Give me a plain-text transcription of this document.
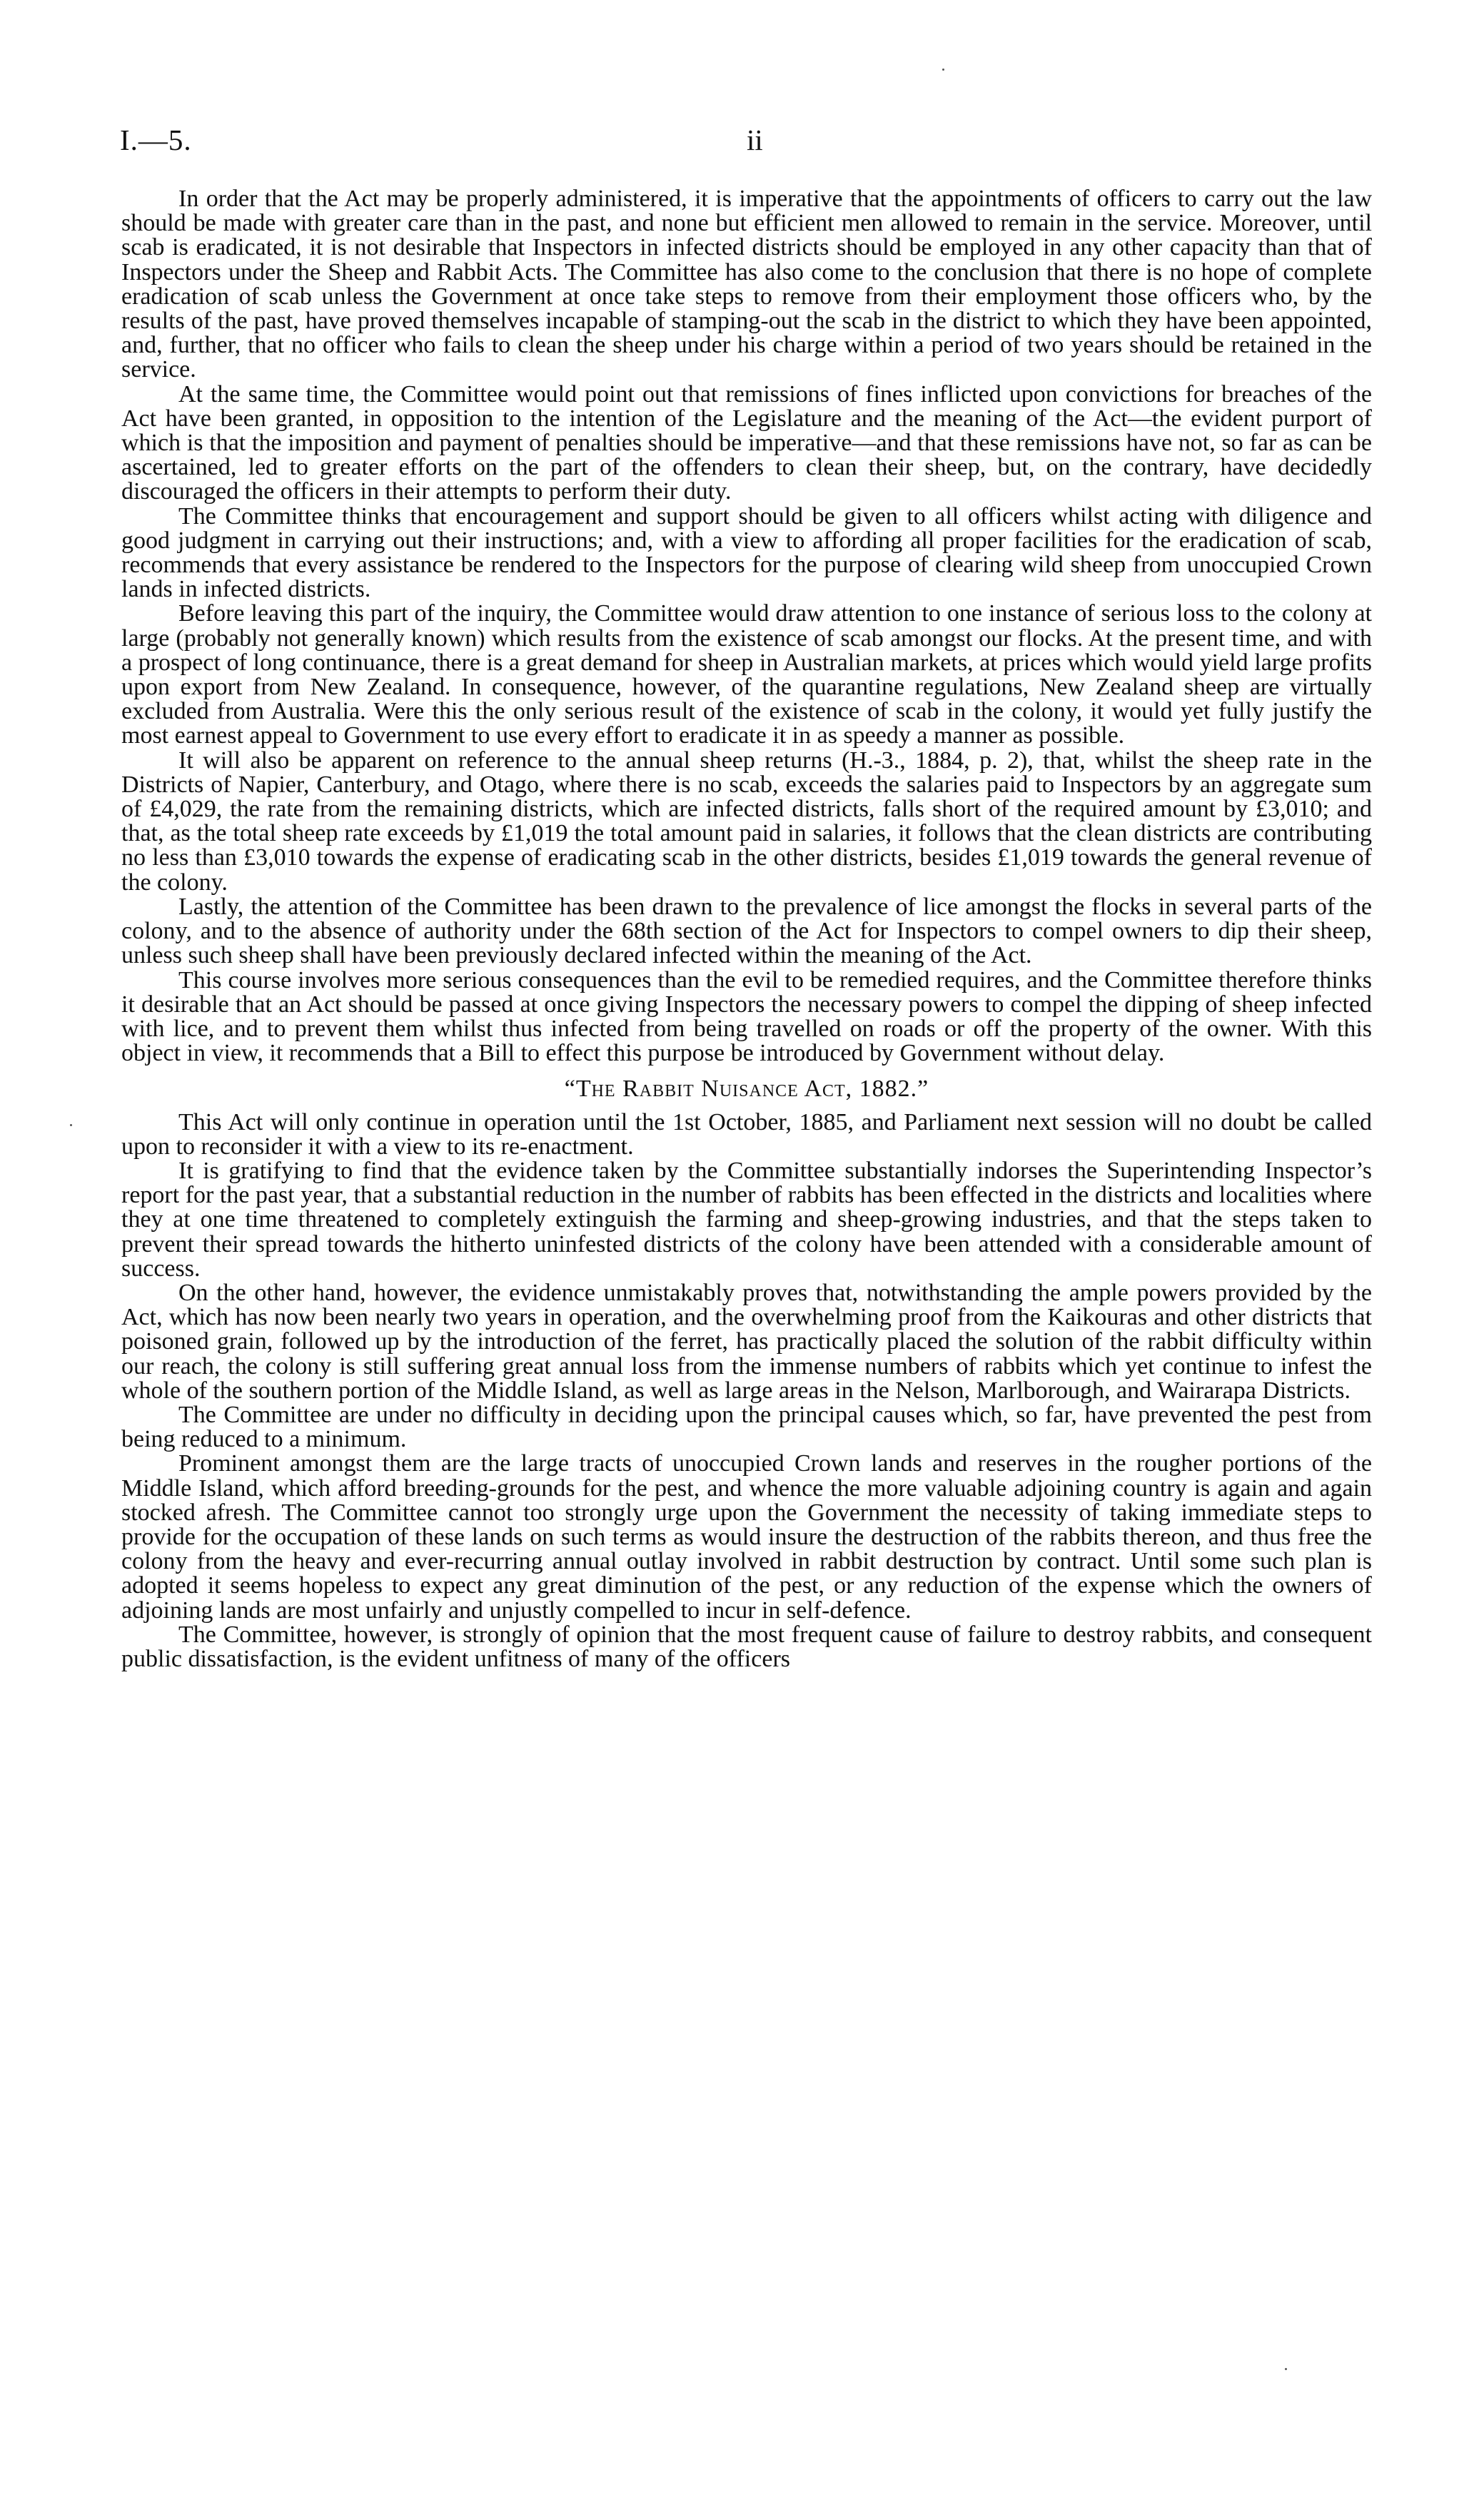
I.—5.	ii

In order that the Act may be properly administered, it is imperative that the appointments of officers to carry out the law should be made with greater care than in the past, and none but efficient men allowed to remain in the service. Moreover, until scab is eradicated, it is not desirable that Inspectors in infected districts should be employed in any other capacity than that of Inspectors under the Sheep and Rabbit Acts. The Committee has also come to the conclusion that there is no hope of complete eradication of scab unless the Government at once take steps to remove from their employment those officers who, by the results of the past, have proved themselves incapable of stamping-out the scab in the district to which they have been appointed, and, further, that no officer who fails to clean the sheep under his charge within a period of two years should be retained in the service.

At the same time, the Committee would point out that remissions of fines inflicted upon convictions for breaches of the Act have been granted, in opposition to the intention of the Legislature and the meaning of the Act—the evident purport of which is that the imposition and payment of penalties should be imperative—and that these remissions have not, so far as can be ascertained, led to greater efforts on the part of the offenders to clean their sheep, but, on the contrary, have decidedly discouraged the officers in their attempts to perform their duty.

The Committee thinks that encouragement and support should be given to all officers whilst acting with diligence and good judgment in carrying out their instructions; and, with a view to affording all proper facilities for the eradication of scab, recommends that every assistance be rendered to the Inspectors for the purpose of clearing wild sheep from unoccupied Crown lands in infected districts.

Before leaving this part of the inquiry, the Committee would draw attention to one instance of serious loss to the colony at large (probably not generally known) which results from the existence of scab amongst our flocks. At the present time, and with a prospect of long continuance, there is a great demand for sheep in Australian markets, at prices which would yield large profits upon export from New Zealand. In consequence, however, of the quarantine regulations, New Zealand sheep are virtually excluded from Australia. Were this the only serious result of the existence of scab in the colony, it would yet fully justify the most earnest appeal to Government to use every effort to eradicate it in as speedy a manner as possible.

It will also be apparent on reference to the annual sheep returns (H.-3., 1884, p. 2), that, whilst the sheep rate in the Districts of Napier, Canterbury, and Otago, where there is no scab, exceeds the salaries paid to Inspectors by an aggregate sum of £4,029, the rate from the remaining districts, which are infected districts, falls short of the required amount by £3,010; and that, as the total sheep rate exceeds by £1,019 the total amount paid in salaries, it follows that the clean districts are contributing no less than £3,010 towards the expense of eradicating scab in the other districts, besides £1,019 towards the general revenue of the colony.

Lastly, the attention of the Committee has been drawn to the prevalence of lice amongst the flocks in several parts of the colony, and to the absence of authority under the 68th section of the Act for Inspectors to compel owners to dip their sheep, unless such sheep shall have been previously declared infected within the meaning of the Act.

This course involves more serious consequences than the evil to be remedied requires, and the Committee therefore thinks it desirable that an Act should be passed at once giving Inspectors the necessary powers to compel the dipping of sheep infected with lice, and to prevent them whilst thus infected from being travelled on roads or off the property of the owner. With this object in view, it recommends that a Bill to effect this purpose be introduced by Government without delay.

“The Rabbit Nuisance Act, 1882.”

This Act will only continue in operation until the 1st October, 1885, and Parliament next session will no doubt be called upon to reconsider it with a view to its re-enactment.

It is gratifying to find that the evidence taken by the Committee substantially indorses the Superintending Inspector’s report for the past year, that a substantial reduction in the number of rabbits has been effected in the districts and localities where they at one time threatened to completely extinguish the farming and sheep-growing industries, and that the steps taken to prevent their spread towards the hitherto uninfested districts of the colony have been attended with a considerable amount of success.

On the other hand, however, the evidence unmistakably proves that, notwithstanding the ample powers provided by the Act, which has now been nearly two years in operation, and the overwhelming proof from the Kaikouras and other districts that poisoned grain, followed up by the introduction of the ferret, has practically placed the solution of the rabbit difficulty within our reach, the colony is still suffering great annual loss from the immense numbers of rabbits which yet continue to infest the whole of the southern portion of the Middle Island, as well as large areas in the Nelson, Marlborough, and Wairarapa Districts.

The Committee are under no difficulty in deciding upon the principal causes which, so far, have prevented the pest from being reduced to a minimum.

Prominent amongst them are the large tracts of unoccupied Crown lands and reserves in the rougher portions of the Middle Island, which afford breeding-grounds for the pest, and whence the more valuable adjoining country is again and again stocked afresh. The Committee cannot too strongly urge upon the Government the necessity of taking immediate steps to provide for the occupation of these lands on such terms as would insure the destruction of the rabbits thereon, and thus free the colony from the heavy and ever-recurring annual outlay involved in rabbit destruction by contract. Until some such plan is adopted it seems hopeless to expect any great diminution of the pest, or any reduction of the expense which the owners of adjoining lands are most unfairly and unjustly compelled to incur in self-defence.

The Committee, however, is strongly of opinion that the most frequent cause of failure to destroy rabbits, and consequent public dissatisfaction, is the evident unfitness of many of the officers
